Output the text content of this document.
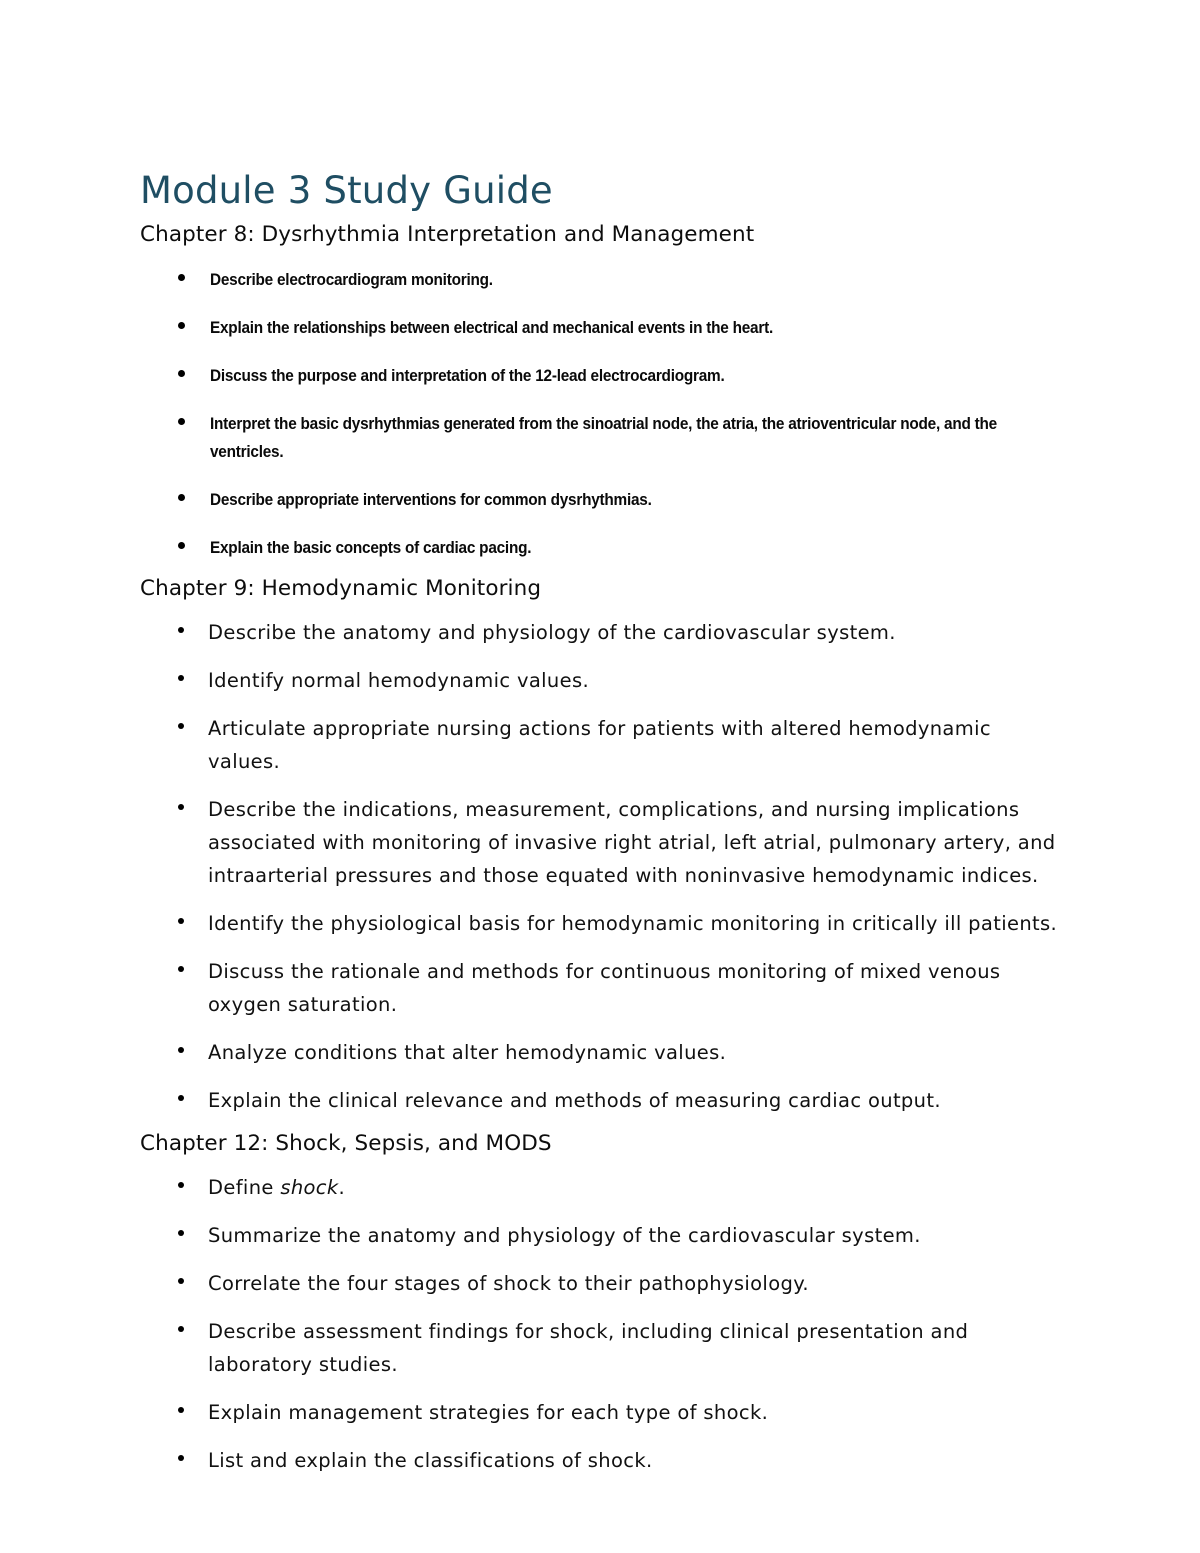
Module 3 Study Guide

Chapter 8: Dysrhythmia Interpretation and Management

Describe electrocardiogram monitoring.
Explain the relationships between electrical and mechanical events in the heart.
Discuss the purpose and interpretation of the 12-lead electrocardiogram.
Interpret the basic dysrhythmias generated from the sinoatrial node, the atria, the atrioventricular node, and the ventricles.
Describe appropriate interventions for common dysrhythmias.
Explain the basic concepts of cardiac pacing.

Chapter 9: Hemodynamic Monitoring

Describe the anatomy and physiology of the cardiovascular system.
Identify normal hemodynamic values.
Articulate appropriate nursing actions for patients with altered hemodynamic values.
Describe the indications, measurement, complications, and nursing implications associated with monitoring of invasive right atrial, left atrial, pulmonary artery, and intraarterial pressures and those equated with noninvasive hemodynamic indices.
Identify the physiological basis for hemodynamic monitoring in critically ill patients.
Discuss the rationale and methods for continuous monitoring of mixed venous oxygen saturation.
Analyze conditions that alter hemodynamic values.
Explain the clinical relevance and methods of measuring cardiac output.

Chapter 12: Shock, Sepsis, and MODS

Define shock.
Summarize the anatomy and physiology of the cardiovascular system.
Correlate the four stages of shock to their pathophysiology.
Describe assessment findings for shock, including clinical presentation and laboratory studies.
Explain management strategies for each type of shock.
List and explain the classifications of shock.
